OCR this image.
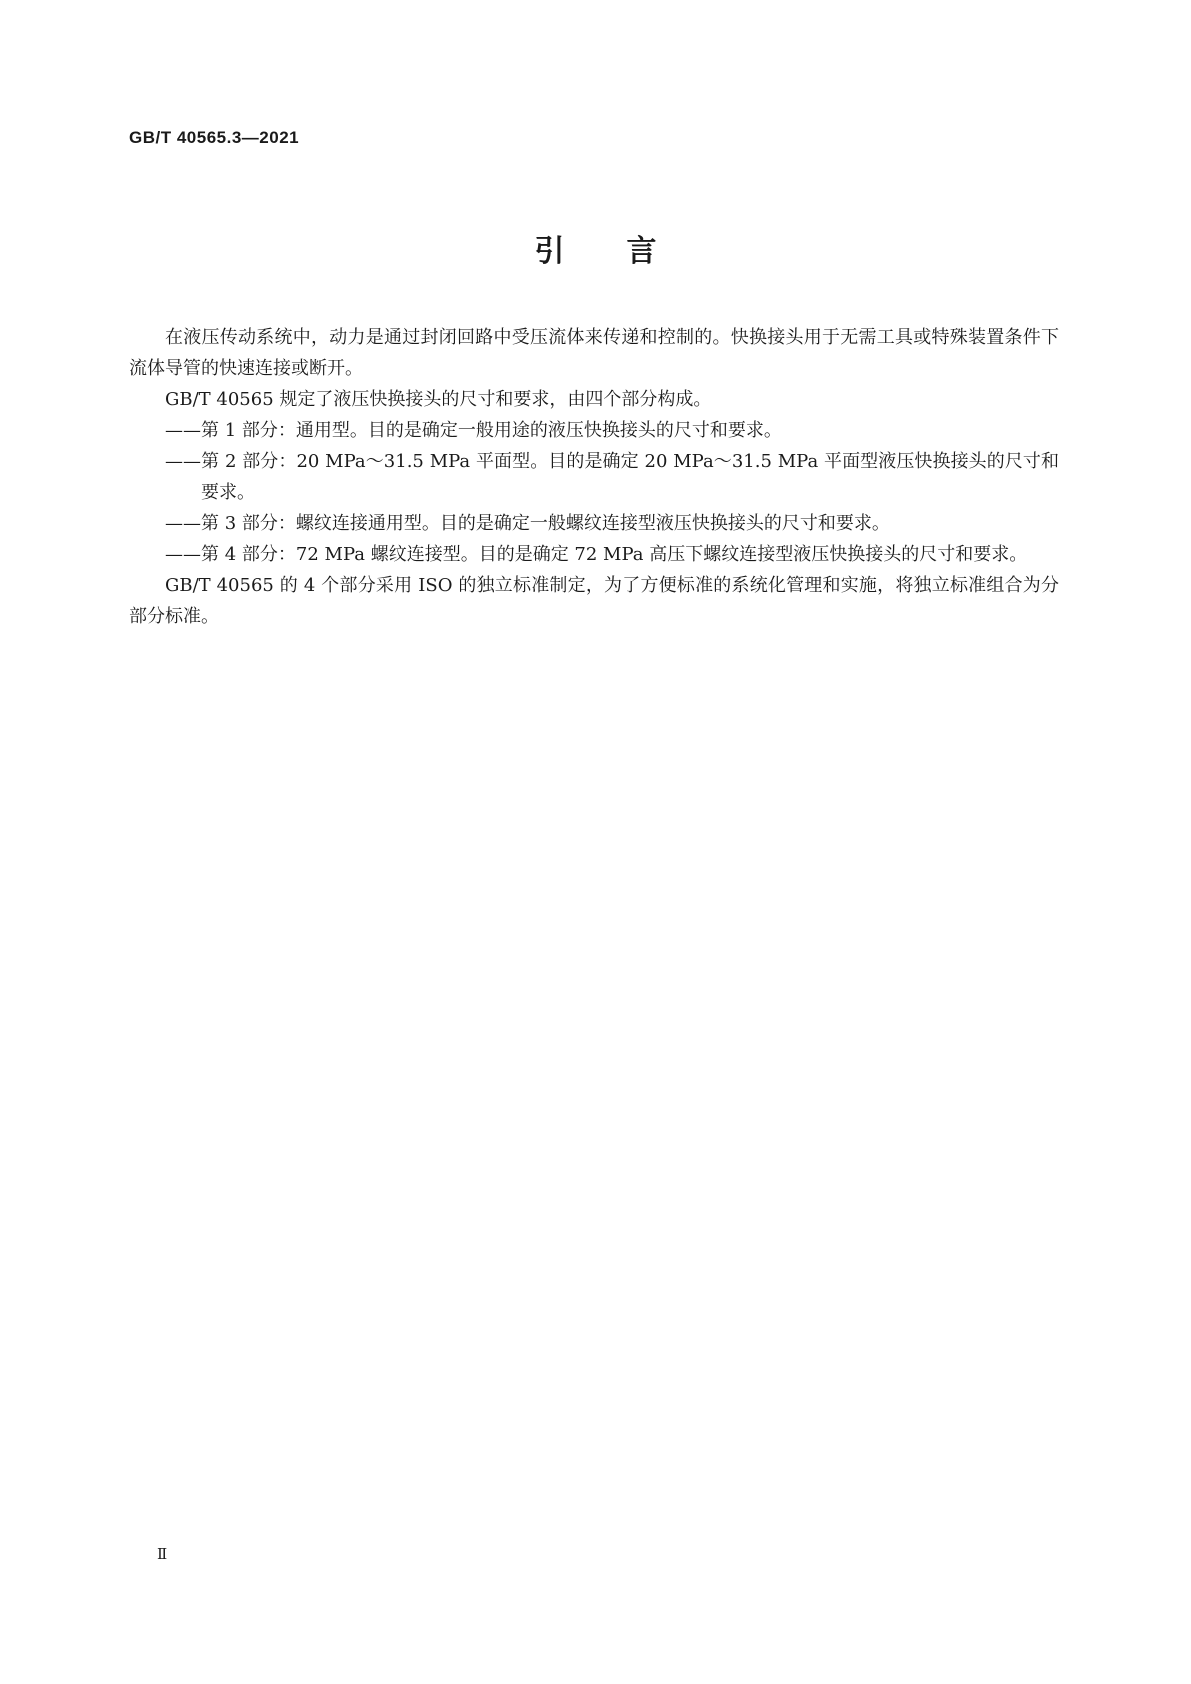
GB/T 40565.3—2021
引言

在液压传动系统中，动力是通过封闭回路中受压流体来传递和控制的。快换接头用于无需工具或特殊装置条件下流体导管的快速连接或断开。

GB/T 40565 规定了液压快换接头的尺寸和要求，由四个部分构成。

——第 1 部分：通用型。目的是确定一般用途的液压快换接头的尺寸和要求。

——第 2 部分：20 MPa～31.5 MPa 平面型。目的是确定 20 MPa～31.5 MPa 平面型液压快换接头的尺寸和要求。

——第 3 部分：螺纹连接通用型。目的是确定一般螺纹连接型液压快换接头的尺寸和要求。

——第 4 部分：72 MPa 螺纹连接型。目的是确定 72 MPa 高压下螺纹连接型液压快换接头的尺寸和要求。

GB/T 40565 的 4 个部分采用 ISO 的独立标准制定，为了方便标准的系统化管理和实施，将独立标准组合为分部分标准。

Ⅱ
